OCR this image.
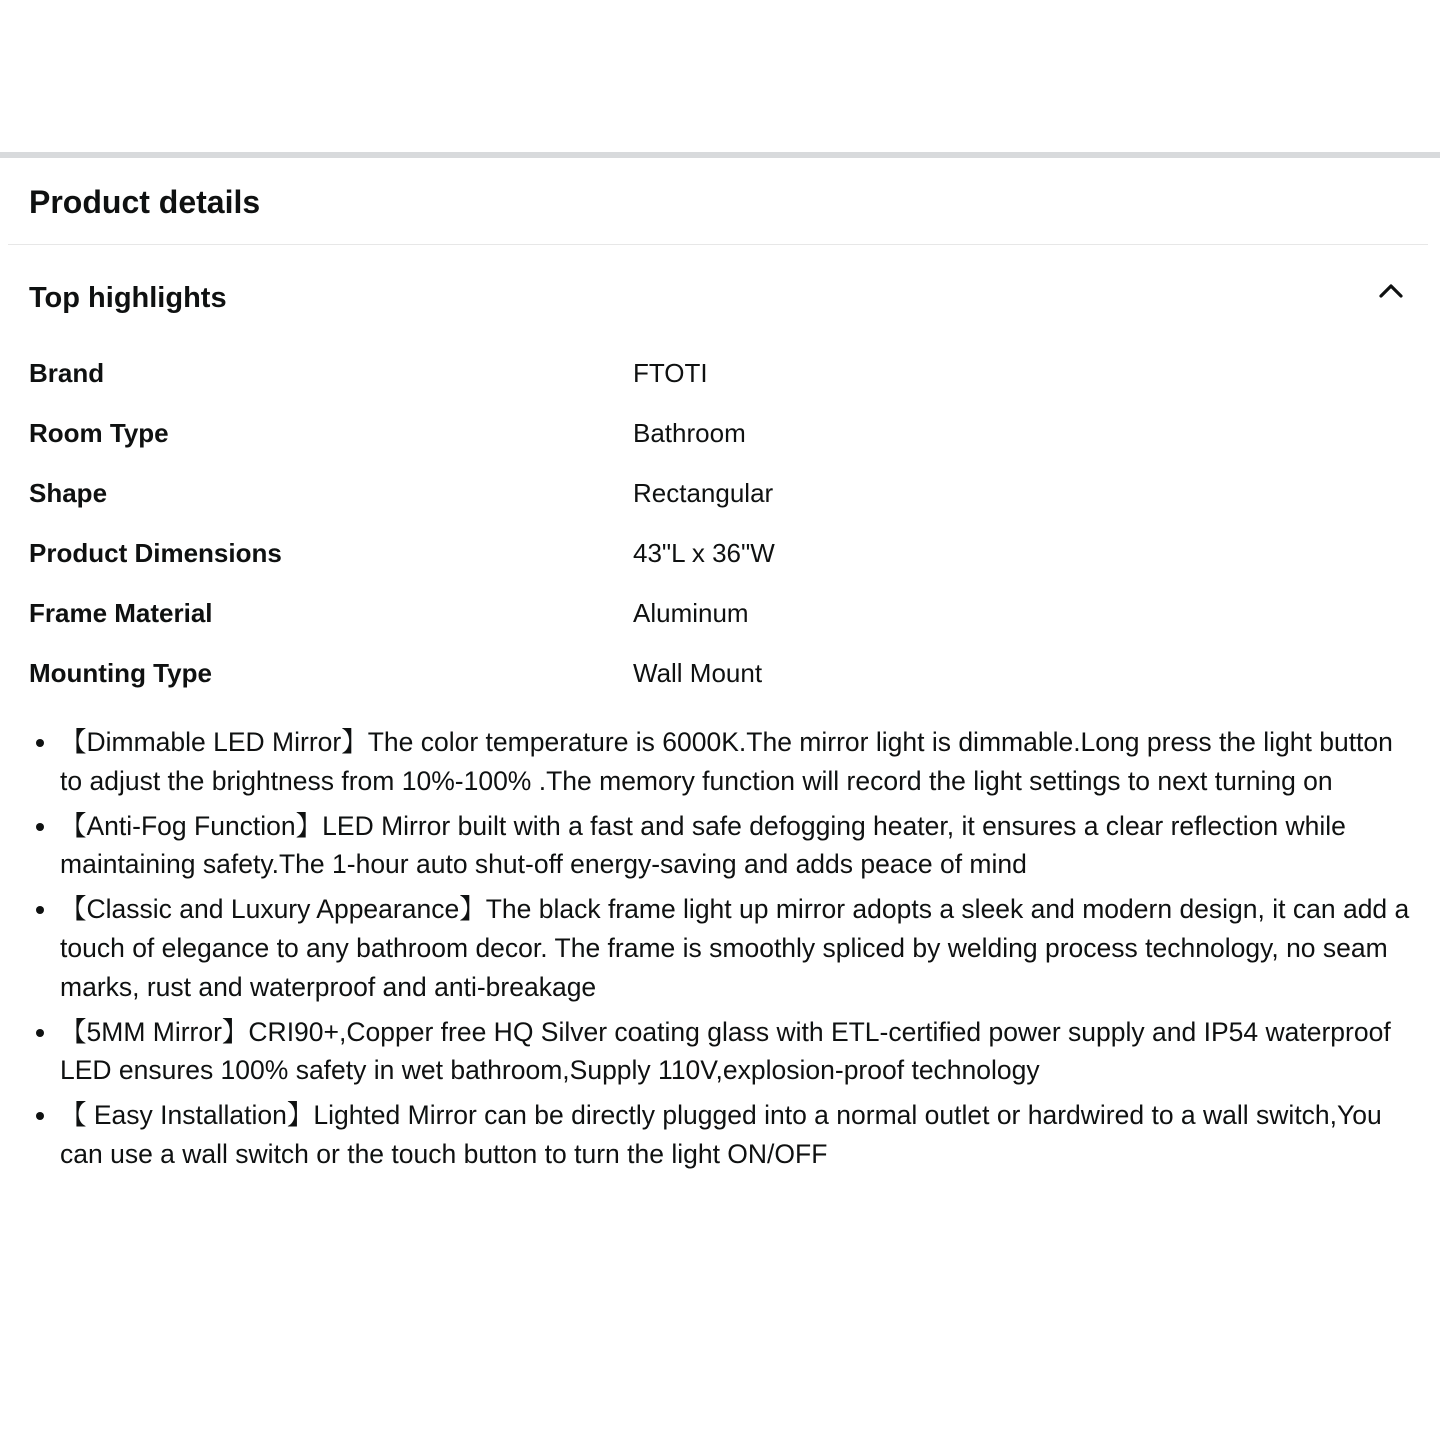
Product details
Top highlights
Brand	FTOTI
Room Type	Bathroom
Shape	Rectangular
Product Dimensions	43"L x 36"W
Frame Material	Aluminum
Mounting Type	Wall Mount
【Dimmable LED Mirror】The color temperature is 6000K.The mirror light is dimmable.Long press the light button to adjust the brightness from 10%-100% .The memory function will record the light settings to next turning on
【Anti-Fog Function】LED Mirror built with a fast and safe defogging heater, it ensures a clear reflection while maintaining safety.The 1-hour auto shut-off energy-saving and adds peace of mind
【Classic and Luxury Appearance】The black frame light up mirror adopts a sleek and modern design, it can add a touch of elegance to any bathroom decor. The frame is smoothly spliced by welding process technology, no seam marks, rust and waterproof and anti-breakage
【5MM Mirror】CRI90+,Copper free HQ Silver coating glass with ETL-certified power supply and IP54 waterproof LED ensures 100% safety in wet bathroom,Supply 110V,explosion-proof technology
【 Easy Installation】Lighted Mirror can be directly plugged into a normal outlet or hardwired to a wall switch,You can use a wall switch or the touch button to turn the light ON/OFF
